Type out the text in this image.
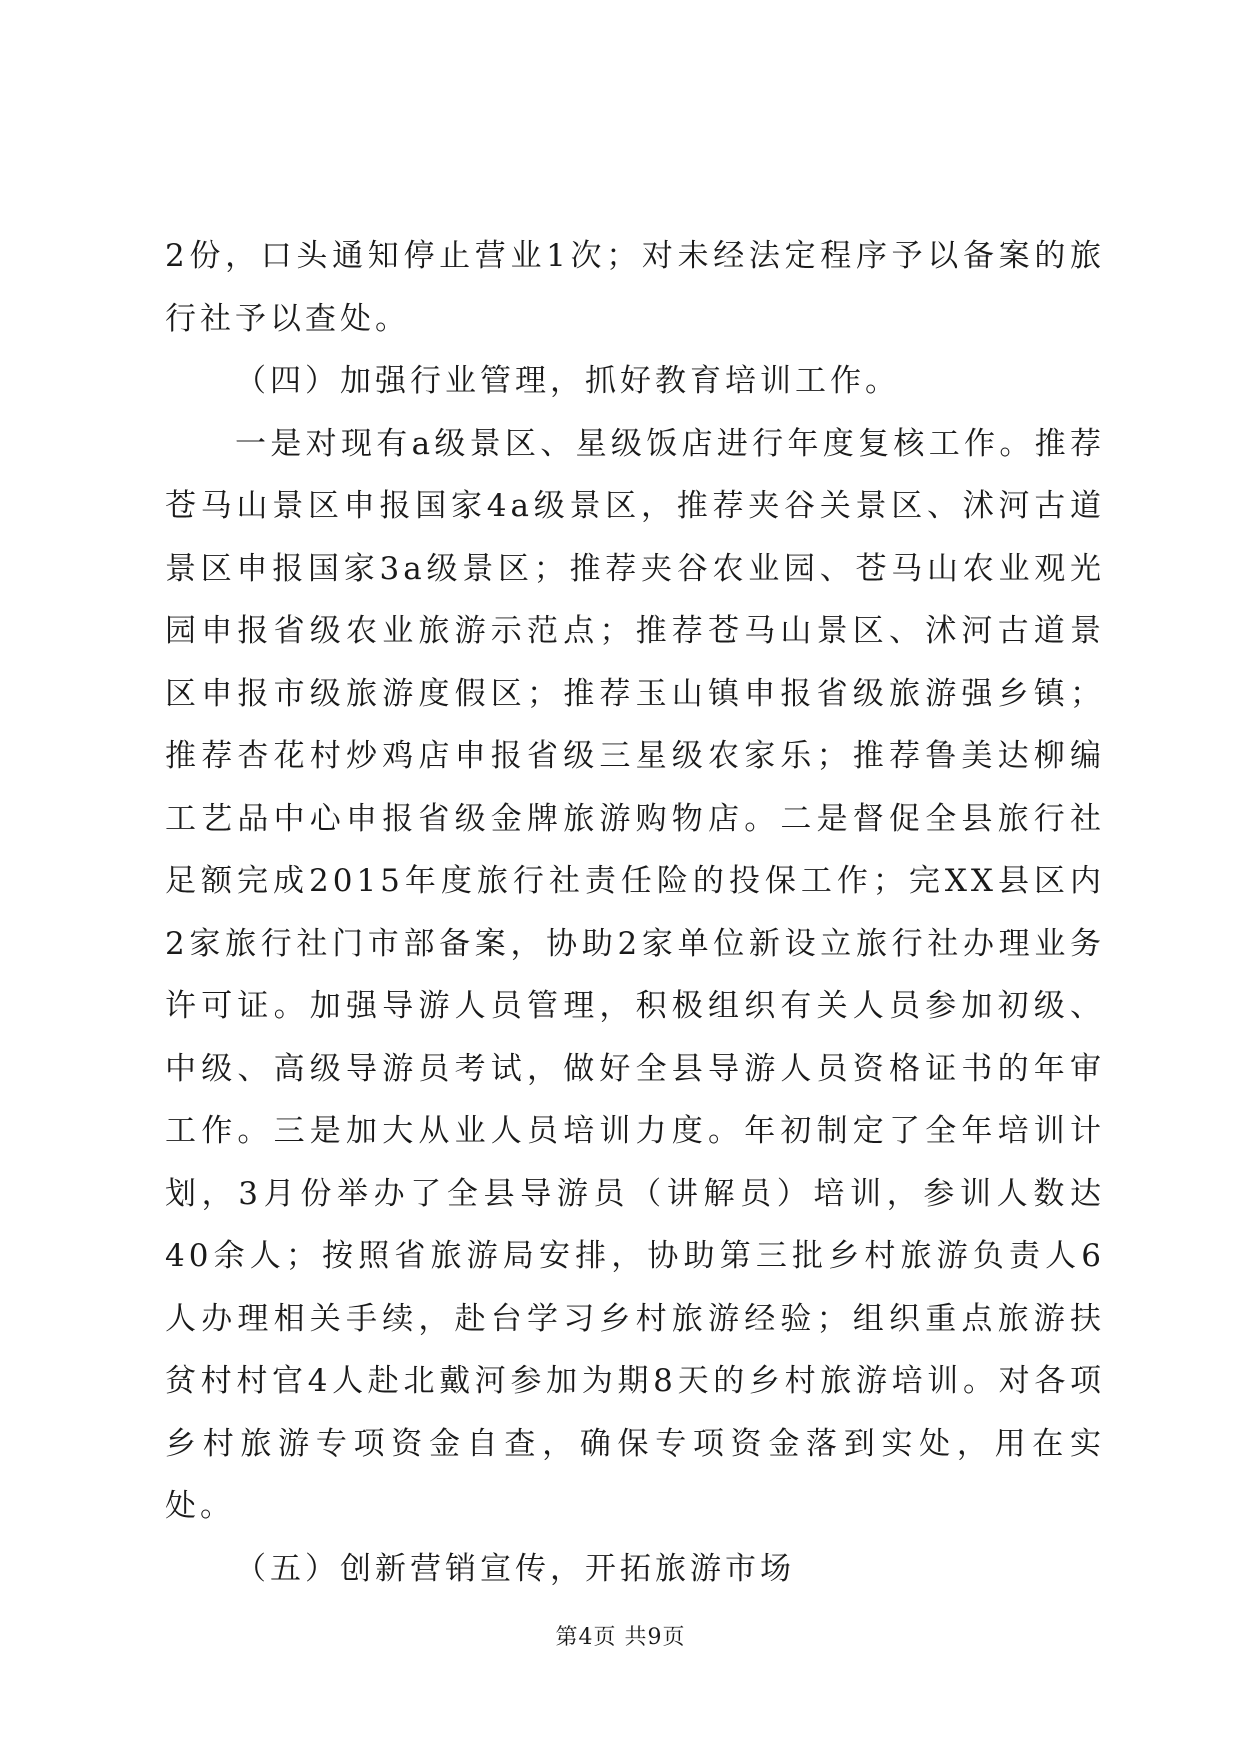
2份，口头通知停止营业1次；对未经法定程序予以备案的旅行社予以查处。

（四）加强行业管理，抓好教育培训工作。

一是对现有a级景区、星级饭店进行年度复核工作。推荐苍马山景区申报国家4a级景区，推荐夹谷关景区、沭河古道景区申报国家3a级景区；推荐夹谷农业园、苍马山农业观光园申报省级农业旅游示范点；推荐苍马山景区、沭河古道景区申报市级旅游度假区；推荐玉山镇申报省级旅游强乡镇；推荐杏花村炒鸡店申报省级三星级农家乐；推荐鲁美达柳编工艺品中心申报省级金牌旅游购物店。二是督促全县旅行社足额完成2015年度旅行社责任险的投保工作；完XX县区内2家旅行社门市部备案，协助2家单位新设立旅行社办理业务许可证。加强导游人员管理，积极组织有关人员参加初级、中级、高级导游员考试，做好全县导游人员资格证书的年审工作。三是加大从业人员培训力度。年初制定了全年培训计划，3月份举办了全县导游员（讲解员）培训，参训人数达40余人；按照省旅游局安排，协助第三批乡村旅游负责人6人办理相关手续，赴台学习乡村旅游经验；组织重点旅游扶贫村村官4人赴北戴河参加为期8天的乡村旅游培训。对各项乡村旅游专项资金自查，确保专项资金落到实处，用在实处。

（五）创新营销宣传，开拓旅游市场

第4页 共9页
